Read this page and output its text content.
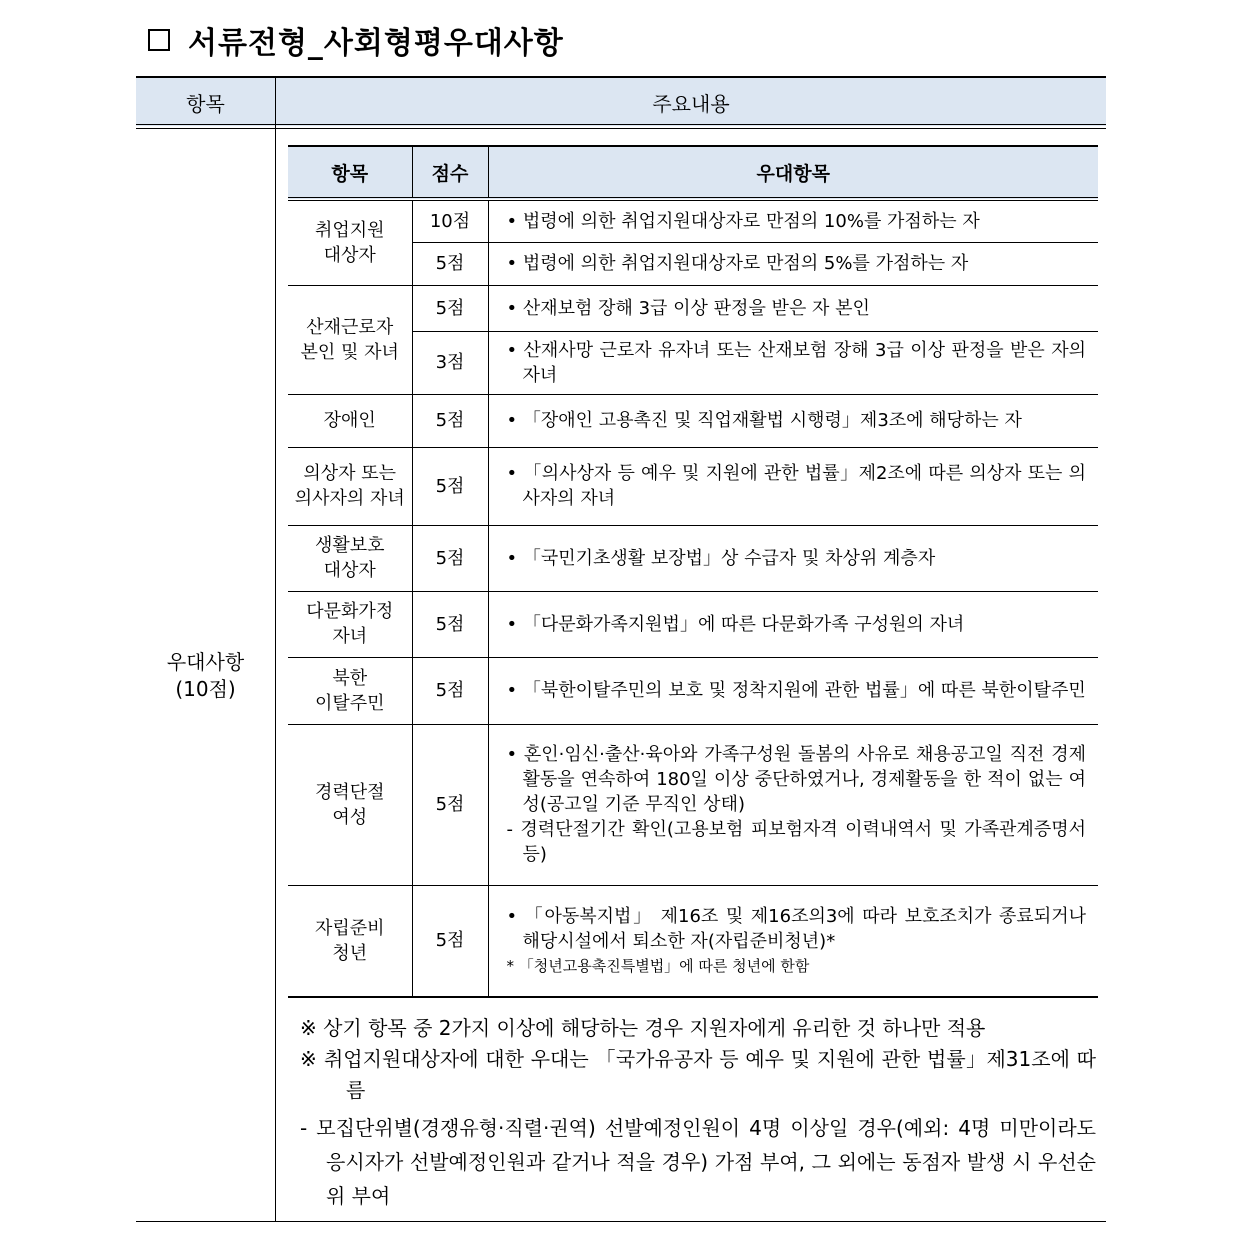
서류전형_사회형평우대사항
항목	주요내용
우대사항
(10점)
항목	점수	우대항목
취업지원
대상자	10점	• 법령에 의한 취업지원대상자로 만점의 10%를 가점하는 자

	5점	• 법령에 의한 취업지원대상자로 만점의 5%를 가점하는 자

산재근로자
본인 및 자녀	5점	• 산재보험 장해 3급 이상 판정을 받은 자 본인

	3점	• 산재사망 근로자 유자녀 또는 산재보험 장해 3급 이상 판정을 받은 자의 자녀

장애인	5점	• 「장애인 고용촉진 및 직업재활법 시행령」제3조에 해당하는 자

의상자 또는
의사자의 자녀	5점	• 「의사상자 등 예우 및 지원에 관한 법률」제2조에 따른 의상자 또는 의사자의 자녀

생활보호
대상자	5점	• 「국민기초생활 보장법」상 수급자 및 차상위 계층자

다문화가정
자녀	5점	• 「다문화가족지원법」에 따른 다문화가족 구성원의 자녀

북한
이탈주민	5점	• 「북한이탈주민의 보호 및 정착지원에 관한 법률」에 따른 북한이탈주민

경력단절
여성	5점	• 혼인·임신·출산·육아와 가족구성원 돌봄의 사유로 채용공고일 직전 경제활동을 연속하여 180일 이상 중단하였거나, 경제활동을 한 적이 없는 여성(공고일 기준 무직인 상태)
- 경력단절기간 확인(고용보험 피보험자격 이력내역서 및 가족관계증명서 등)

자립준비
청년	5점	• 「아동복지법」 제16조 및 제16조의3에 따라 보호조치가 종료되거나 해당시설에서 퇴소한 자(자립준비청년)*
* 「청년고용촉진특별법」에 따른 청년에 한함
※ 상기 항목 중 2가지 이상에 해당하는 경우 지원자에게 유리한 것 하나만 적용
※ 취업지원대상자에 대한 우대는 「국가유공자 등 예우 및 지원에 관한 법률」제31조에 따름
- 모집단위별(경쟁유형·직렬·권역) 선발예정인원이 4명 이상일 경우(예외: 4명 미만이라도 응시자가 선발예정인원과 같거나 적을 경우) 가점 부여, 그 외에는 동점자 발생 시 우선순위 부여
